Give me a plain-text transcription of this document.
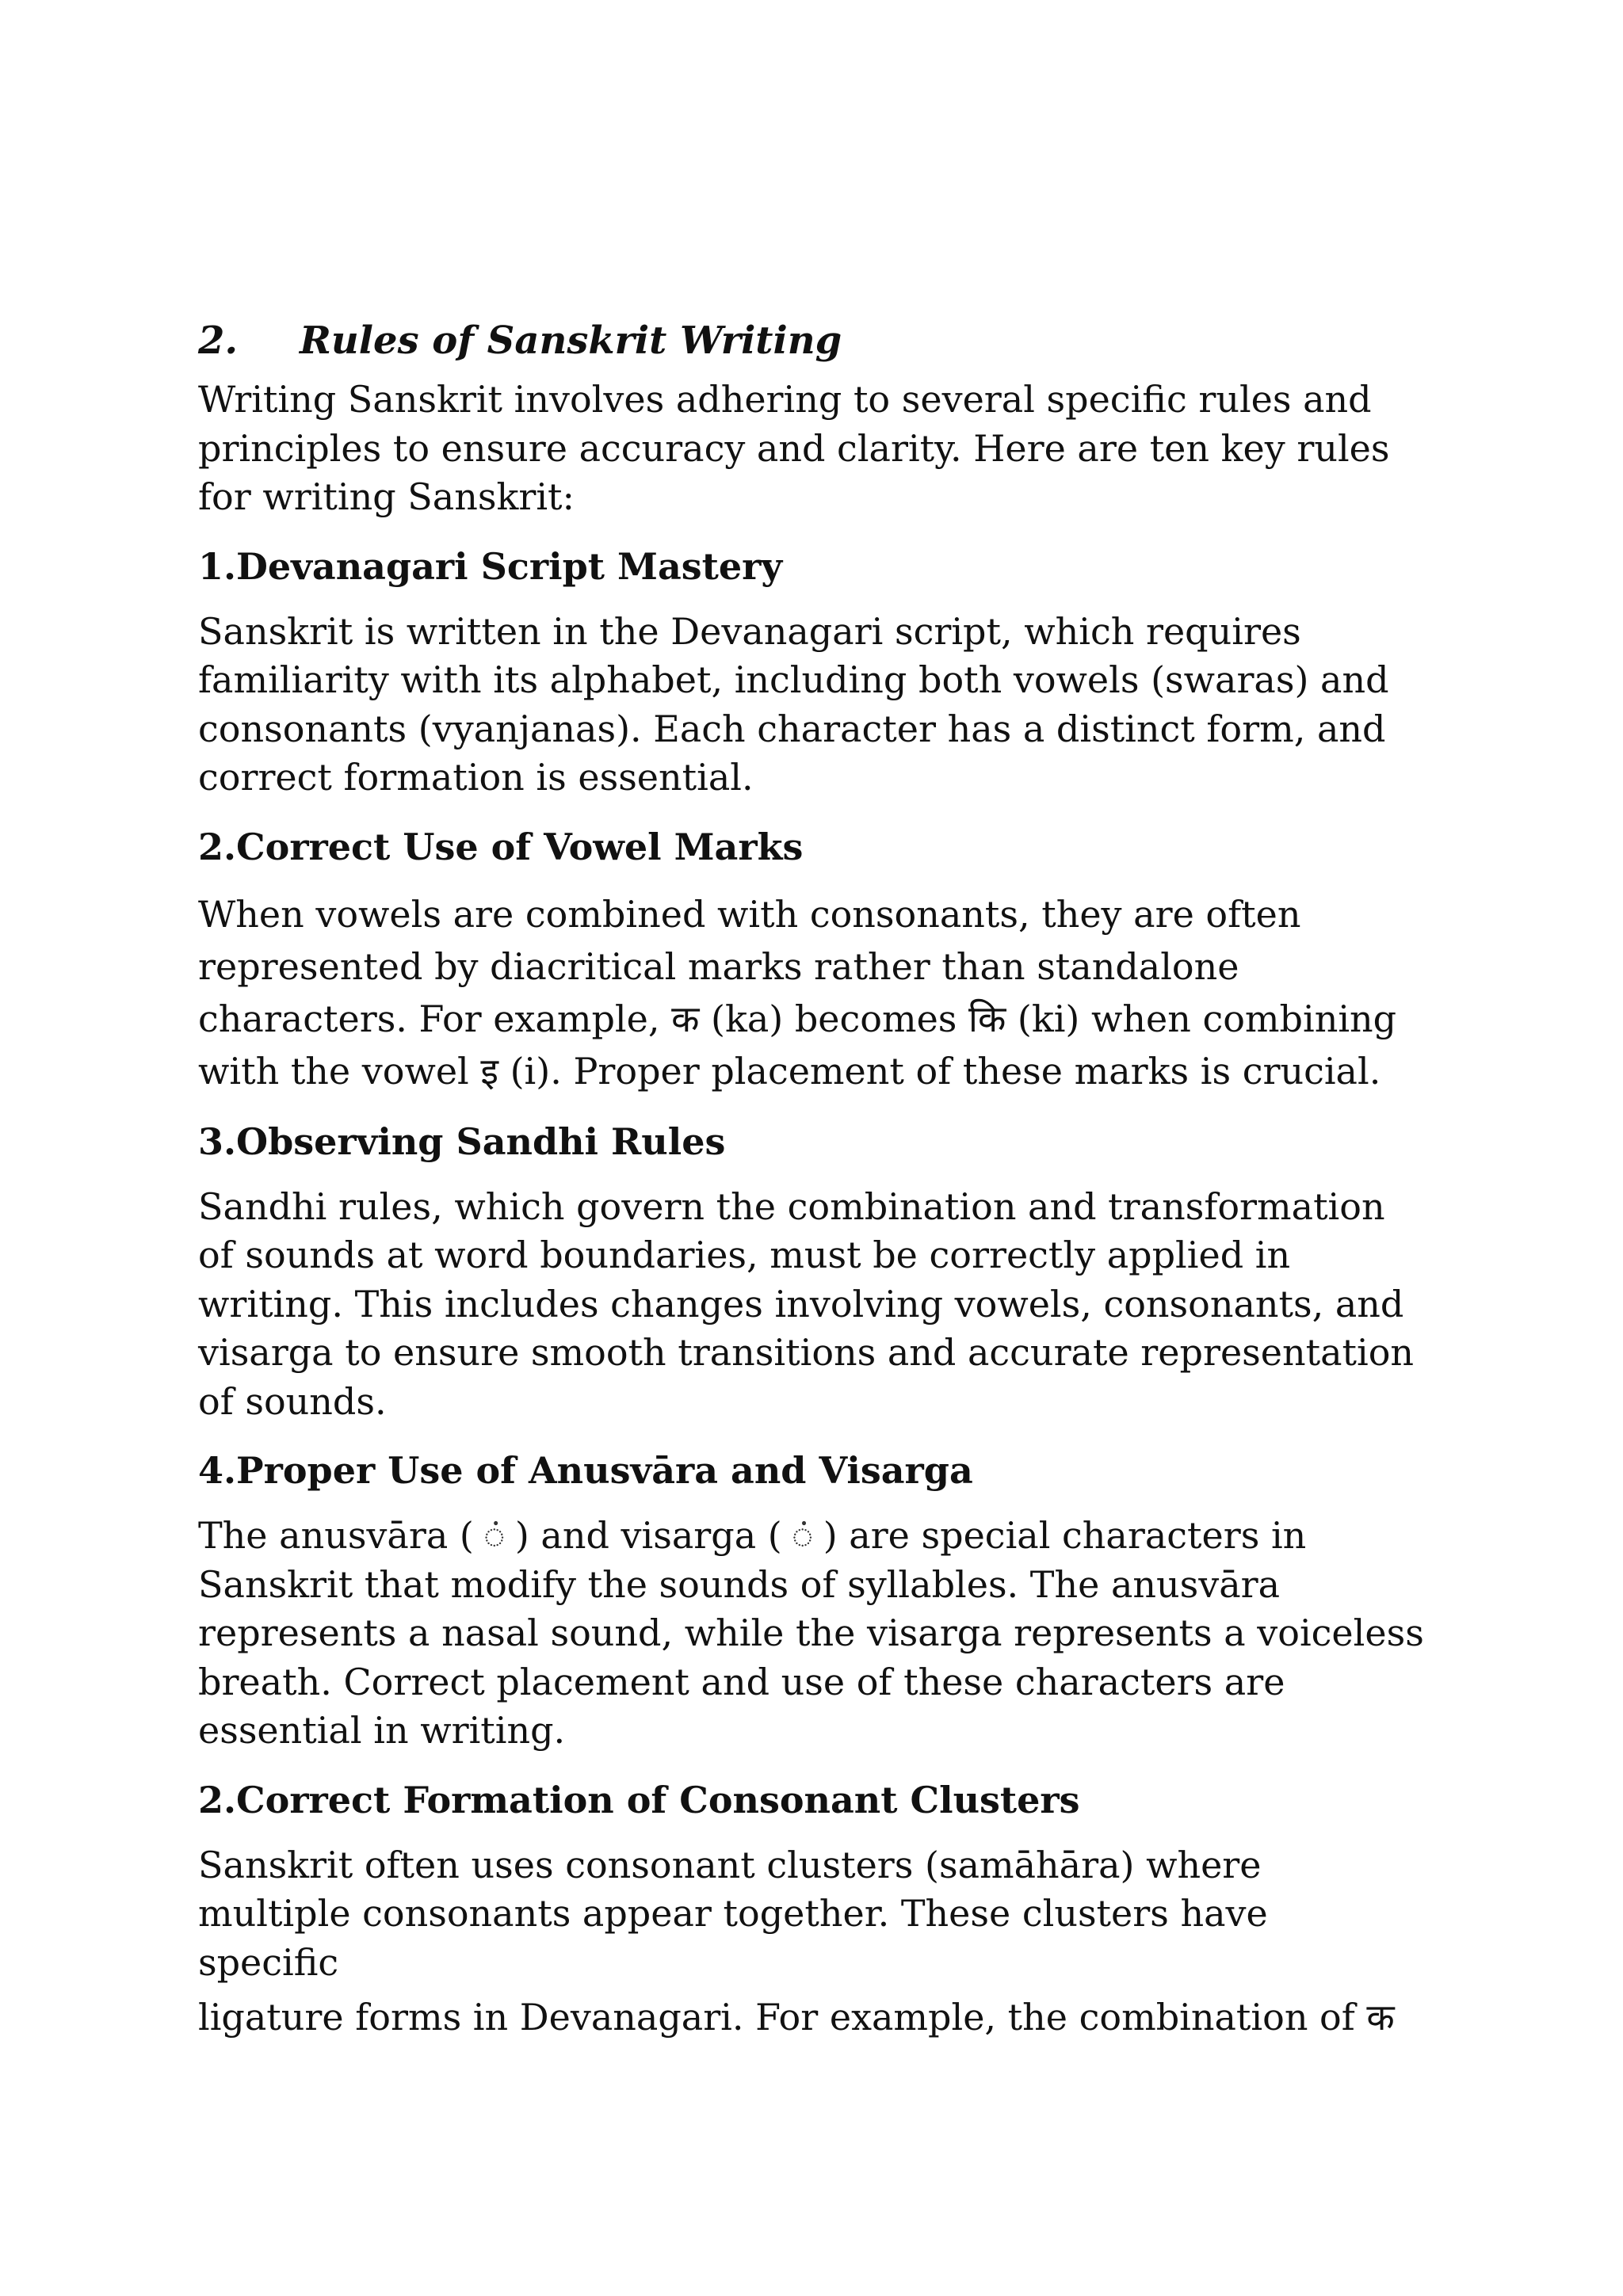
2.	Rules of Sanskrit Writing

Writing Sanskrit involves adhering to several specific rules and
principles to ensure accuracy and clarity. Here are ten key rules
for writing Sanskrit:

1.Devanagari Script Mastery

Sanskrit is written in the Devanagari script, which requires
familiarity with its alphabet, including both vowels (swaras) and
consonants (vyanjanas). Each character has a distinct form, and
correct formation is essential.

2.Correct Use of Vowel Marks

When vowels are combined with consonants, they are often
represented by diacritical marks rather than standalone
characters. For example, क (ka) becomes कि (ki) when combining
with the vowel इ (i). Proper placement of these marks is crucial.

3.Observing Sandhi Rules

Sandhi rules, which govern the combination and transformation
of sounds at word boundaries, must be correctly applied in
writing. This includes changes involving vowels, consonants, and
visarga to ensure smooth transitions and accurate representation
of sounds.

4.Proper Use of Anusvāra and Visarga

The anusvāra ( ं ) and visarga ( ं ) are special characters in
Sanskrit that modify the sounds of syllables. The anusvāra
represents a nasal sound, while the visarga represents a voiceless
breath. Correct placement and use of these characters are
essential in writing.

2.Correct Formation of Consonant Clusters

Sanskrit often uses consonant clusters (samāhāra) where
multiple consonants appear together. These clusters have
specific
ligature forms in Devanagari. For example, the combination of क
